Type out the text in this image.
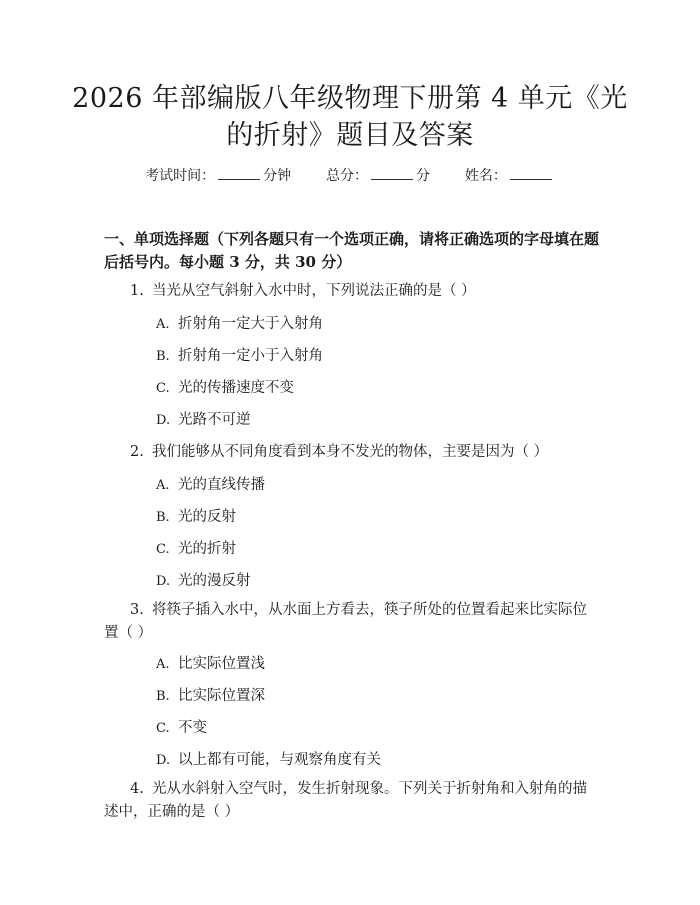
2026 年部编版八年级物理下册第 4 单元《光
的折射》题目及答案
考试时间：	分钟 总分：	分 姓名：
一、单项选择题（下列各题只有一个选项正确，请将正确选项的字母填在题后括号内。每小题 3 分，共 30 分）
1. 当光从空气斜射入水中时，下列说法正确的是（ ）
A. 折射角一定大于入射角
B. 折射角一定小于入射角
C. 光的传播速度不变
D. 光路不可逆
2. 我们能够从不同角度看到本身不发光的物体，主要是因为（ ）
A. 光的直线传播
B. 光的反射
C. 光的折射
D. 光的漫反射
3. 将筷子插入水中，从水面上方看去，筷子所处的位置看起来比实际位置（ ）
A. 比实际位置浅
B. 比实际位置深
C. 不变
D. 以上都有可能，与观察角度有关
4. 光从水斜射入空气时，发生折射现象。下列关于折射角和入射角的描述中，正确的是（ ）
